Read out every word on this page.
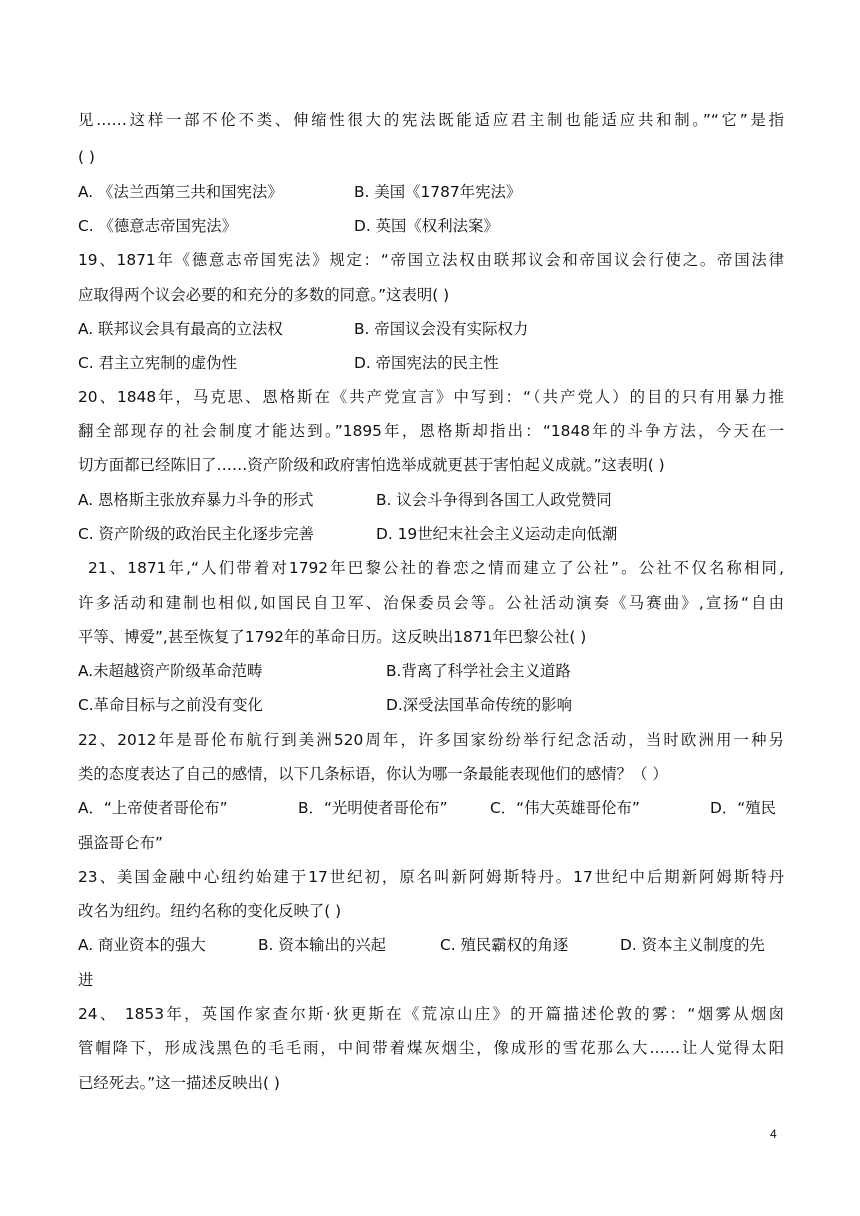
见……这样一部不伦不类、伸缩性很大的宪法既能适应君主制也能适应共和制。”“它”是指
( )
A. 《法兰西第三共和国宪法》	B. 美国《1787年宪法》
C. 《德意志帝国宪法》	D. 英国《权利法案》
19、1871年《德意志帝国宪法》规定：“帝国立法权由联邦议会和帝国议会行使之。帝国法律
应取得两个议会必要的和充分的多数的同意。”这表明( )
A. 联邦议会具有最高的立法权	B. 帝国议会没有实际权力
C. 君主立宪制的虚伪性	D. 帝国宪法的民主性
20、1848年，马克思、恩格斯在《共产党宣言》中写到：“（共产党人）的目的只有用暴力推
翻全部现存的社会制度才能达到。”1895年，恩格斯却指出：“1848年的斗争方法，今天在一
切方面都已经陈旧了……资产阶级和政府害怕选举成就更甚于害怕起义成就。”这表明( )
A. 恩格斯主张放弃暴力斗争的形式	B. 议会斗争得到各国工人政党赞同
C. 资产阶级的政治民主化逐步完善	D. 19世纪末社会主义运动走向低潮
21、1871年,“人们带着对1792年巴黎公社的眷恋之情而建立了公社”。公社不仅名称相同,
许多活动和建制也相似,如国民自卫军、治保委员会等。公社活动演奏《马赛曲》,宣扬“自由
平等、博爱”,甚至恢复了1792年的革命日历。这反映出1871年巴黎公社( )
A.未超越资产阶级革命范畴	B.背离了科学社会主义道路
C.革命目标与之前没有变化	D.深受法国革命传统的影响
22、2012年是哥伦布航行到美洲520周年，许多国家纷纷举行纪念活动，当时欧洲用一种另
类的态度表达了自己的感情，以下几条标语，你认为哪一条最能表现他们的感情？（ ）
A．“上帝使者哥伦布”	B．“光明使者哥伦布”	C．“伟大英雄哥伦布”	D．“殖民
强盗哥仑布”
23、美国金融中心纽约始建于17世纪初，原名叫新阿姆斯特丹。17世纪中后期新阿姆斯特丹
改名为纽约。纽约名称的变化反映了( )
A. 商业资本的强大	B. 资本输出的兴起	C. 殖民霸权的角逐	D. 资本主义制度的先
进
24、 1853年，英国作家查尔斯·狄更斯在《荒凉山庄》的开篇描述伦敦的雾：“烟雾从烟囱
管帽降下，形成浅黑色的毛毛雨，中间带着煤灰烟尘，像成形的雪花那么大……让人觉得太阳
已经死去。”这一描述反映出( )
4
